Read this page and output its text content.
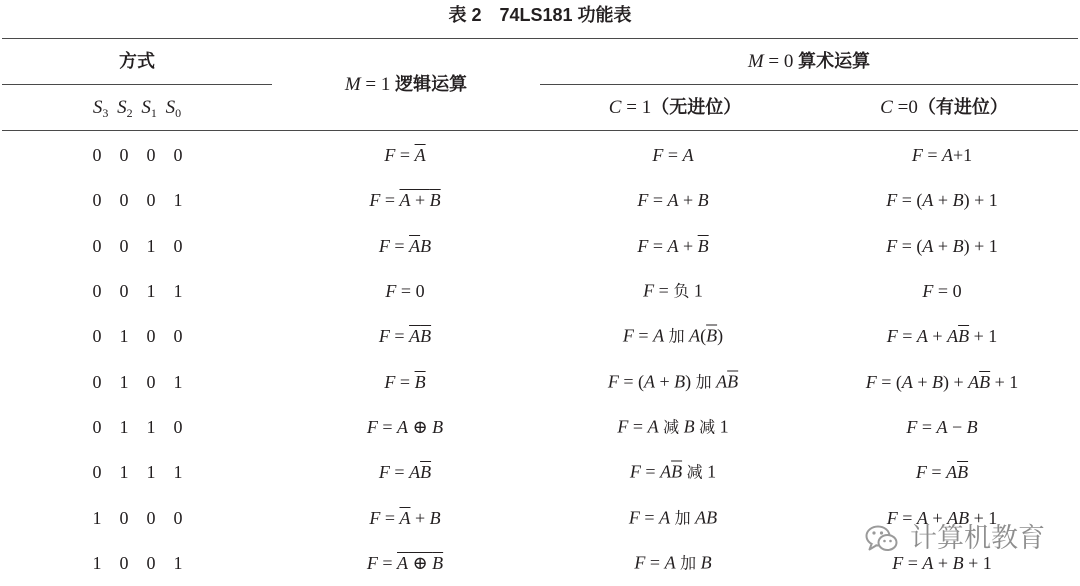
表 2　74LS181 功能表
方式
M = 1 逻辑运算
M = 0 算术运算
$S_3$ $S_2$ $S_1$ $S_0$	C = 1（无进位）	C =0（有进位）
0 0 0 0	$F = \overline{A}$	F = A	F = A+1
0 0 0 1	F = A + B	F = A + B	F = (A + B) + 1
0 0 1 0	$F = \overline{A}B$	$F = A + \overline{B}$	F = (A + B) + 1
0 0 1 1	F = 0	F = 负 1	F = 0
0 1 0 0	F = AB	F = A 加 $A(\overline{B})$	$F = A + A\overline{B} + 1$
0 1 0 1	$F = \overline{B}$	F = (A + B) 加 $A\overline{B}$	$F = (A + B) + A\overline{B} + 1$
0 1 1 0	F = A ⊕ B	F = A 减 B 减 1	F = A − B
0 1 1 1	$F = A\overline{B}$	$F = A\overline{B}$ 减 1	$F = A\overline{B}$
1 0 0 0	$F = \overline{A} + B$	F = A 加 AB	F = A + AB + 1
1 0 0 1	F = A ⊕ B	F = A 加 B	F = A + B + 1
计算机教育
